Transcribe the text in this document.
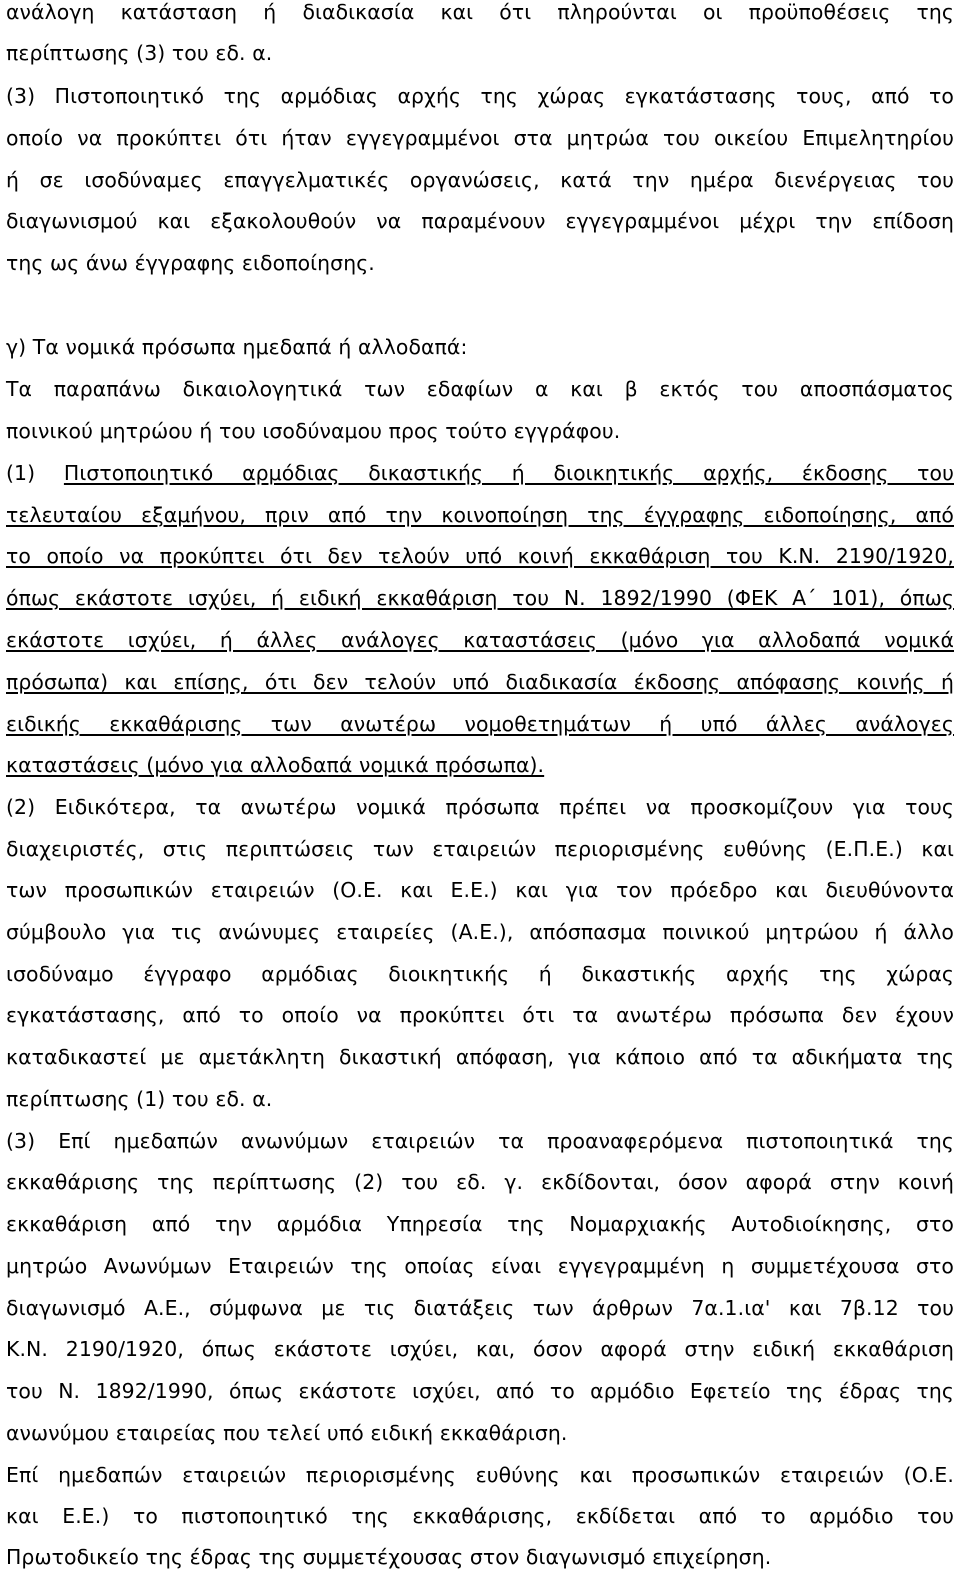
ανάλογη κατάσταση ή διαδικασία και ότι πληρούνται οι προϋποθέσεις της
περίπτωσης (3) του εδ. α.
(3) Πιστοποιητικό της αρμόδιας αρχής της χώρας εγκατάστασης τους, από το
οποίο να προκύπτει ότι ήταν εγγεγραμμένοι στα μητρώα του οικείου Επιμελητηρίου
ή σε ισοδύναμες επαγγελματικές οργανώσεις, κατά την ημέρα διενέργειας του
διαγωνισμού και εξακολουθούν να παραμένουν εγγεγραμμένοι μέχρι την επίδοση
της ως άνω έγγραφης ειδοποίησης.
γ) Τα νομικά πρόσωπα ημεδαπά ή αλλοδαπά:
Τα παραπάνω δικαιολογητικά των εδαφίων α και β εκτός του αποσπάσματος
ποινικού μητρώου ή του ισοδύναμου προς τούτο εγγράφου.
(1) Πιστοποιητικό αρμόδιας δικαστικής ή διοικητικής αρχής, έκδοσης του
τελευταίου εξαμήνου, πριν από την κοινοποίηση της έγγραφης ειδοποίησης, από
το οποίο να προκύπτει ότι δεν τελούν υπό κοινή εκκαθάριση του Κ.Ν. 2190/1920,
όπως εκάστοτε ισχύει, ή ειδική εκκαθάριση του Ν. 1892/1990 (ΦΕΚ Α΄ 101), όπως
εκάστοτε ισχύει, ή άλλες ανάλογες καταστάσεις (μόνο για αλλοδαπά νομικά
πρόσωπα) και επίσης, ότι δεν τελούν υπό διαδικασία έκδοσης απόφασης κοινής ή
ειδικής εκκαθάρισης των ανωτέρω νομοθετημάτων ή υπό άλλες ανάλογες
καταστάσεις (μόνο για αλλοδαπά νομικά πρόσωπα).
(2) Ειδικότερα, τα ανωτέρω νομικά πρόσωπα πρέπει να προσκομίζουν για τους
διαχειριστές, στις περιπτώσεις των εταιρειών περιορισμένης ευθύνης (Ε.Π.Ε.) και
των προσωπικών εταιρειών (Ο.Ε. και Ε.Ε.) και για τον πρόεδρο και διευθύνοντα
σύμβουλο για τις ανώνυμες εταιρείες (Α.Ε.), απόσπασμα ποινικού μητρώου ή άλλο
ισοδύναμο έγγραφο αρμόδιας διοικητικής ή δικαστικής αρχής της χώρας
εγκατάστασης, από το οποίο να προκύπτει ότι τα ανωτέρω πρόσωπα δεν έχουν
καταδικαστεί με αμετάκλητη δικαστική απόφαση, για κάποιο από τα αδικήματα της
περίπτωσης (1) του εδ. α.
(3) Επί ημεδαπών ανωνύμων εταιρειών τα προαναφερόμενα πιστοποιητικά της
εκκαθάρισης της περίπτωσης (2) του εδ. γ. εκδίδονται, όσον αφορά στην κοινή
εκκαθάριση από την αρμόδια Υπηρεσία της Νομαρχιακής Αυτοδιοίκησης, στο
μητρώο Ανωνύμων Εταιρειών της οποίας είναι εγγεγραμμένη η συμμετέχουσα στο
διαγωνισμό Α.Ε., σύμφωνα με τις διατάξεις των άρθρων 7α.1.ια' και 7β.12 του
Κ.Ν. 2190/1920, όπως εκάστοτε ισχύει, και, όσον αφορά στην ειδική εκκαθάριση
του Ν. 1892/1990, όπως εκάστοτε ισχύει, από το αρμόδιο Εφετείο της έδρας της
ανωνύμου εταιρείας που τελεί υπό ειδική εκκαθάριση.
Επί ημεδαπών εταιρειών περιορισμένης ευθύνης και προσωπικών εταιρειών (Ο.Ε.
και Ε.Ε.) το πιστοποιητικό της εκκαθάρισης, εκδίδεται από το αρμόδιο του
Πρωτοδικείο της έδρας της συμμετέχουσας στον διαγωνισμό επιχείρηση.
